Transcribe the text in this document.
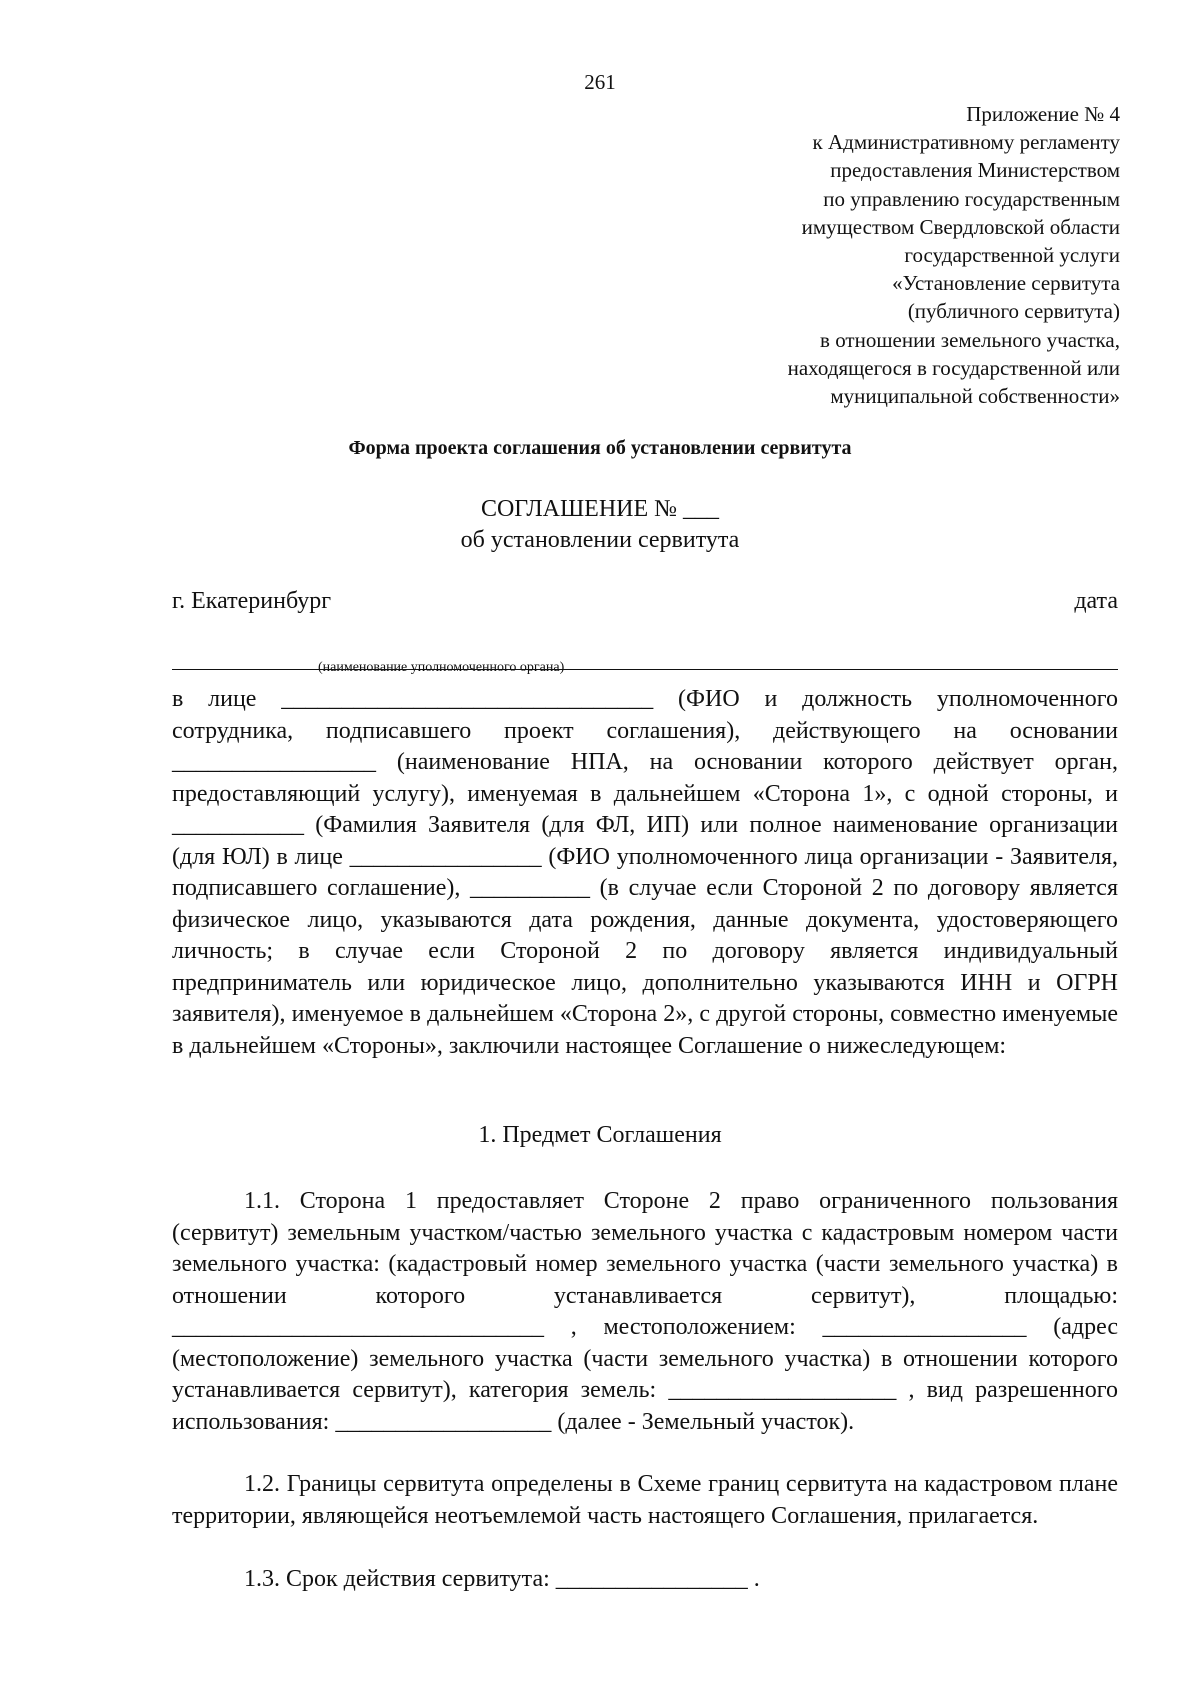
261
Приложение № 4
к Административному регламенту
предоставления Министерством
по управлению государственным
имуществом Свердловской области
государственной услуги
«Установление сервитута
(публичного сервитута)
в отношении земельного участка,
находящегося в государственной или
муниципальной собственности»
Форма проекта соглашения об установлении сервитута
СОГЛАШЕНИЕ № ___
об установлении сервитута
г. Екатеринбург	дата
(наименование уполномоченного органа)

в лице _______________________________ (ФИО и должность уполномоченного сотрудника, подписавшего проект соглашения), действующего на основании _________________ (наименование НПА, на основании которого действует орган, предоставляющий услугу), именуемая в дальнейшем «Сторона 1», с одной стороны, и ___________ (Фамилия Заявителя (для ФЛ, ИП) или полное наименование организации (для ЮЛ) в лице ________________ (ФИО уполномоченного лица организации - Заявителя, подписавшего соглашение), __________ (в случае если Стороной 2 по договору является физическое лицо, указываются дата рождения, данные документа, удостоверяющего личность; в случае если Стороной 2 по договору является индивидуальный предприниматель или юридическое лицо, дополнительно указываются ИНН и ОГРН заявителя), именуемое в дальнейшем «Сторона 2», с другой стороны, совместно именуемые в дальнейшем «Стороны», заключили настоящее Соглашение о нижеследующем:

1. Предмет Соглашения

1.1. Сторона 1 предоставляет Стороне 2 право ограниченного пользования (сервитут) земельным участком/частью земельного участка с кадастровым номером части земельного участка: (кадастровый номер земельного участка (части земельного участка) в отношении которого устанавливается сервитут), площадью: _______________________________ , местоположением: _________________ (адрес (местоположение) земельного участка (части земельного участка) в отношении которого устанавливается сервитут), категория земель: ___________________ , вид разрешенного использования: __________________ (далее - Земельный участок).

1.2. Границы сервитута определены в Схеме границ сервитута на кадастровом плане территории, являющейся неотъемлемой часть настоящего Соглашения, прилагается.

1.3. Срок действия сервитута: ________________ .
